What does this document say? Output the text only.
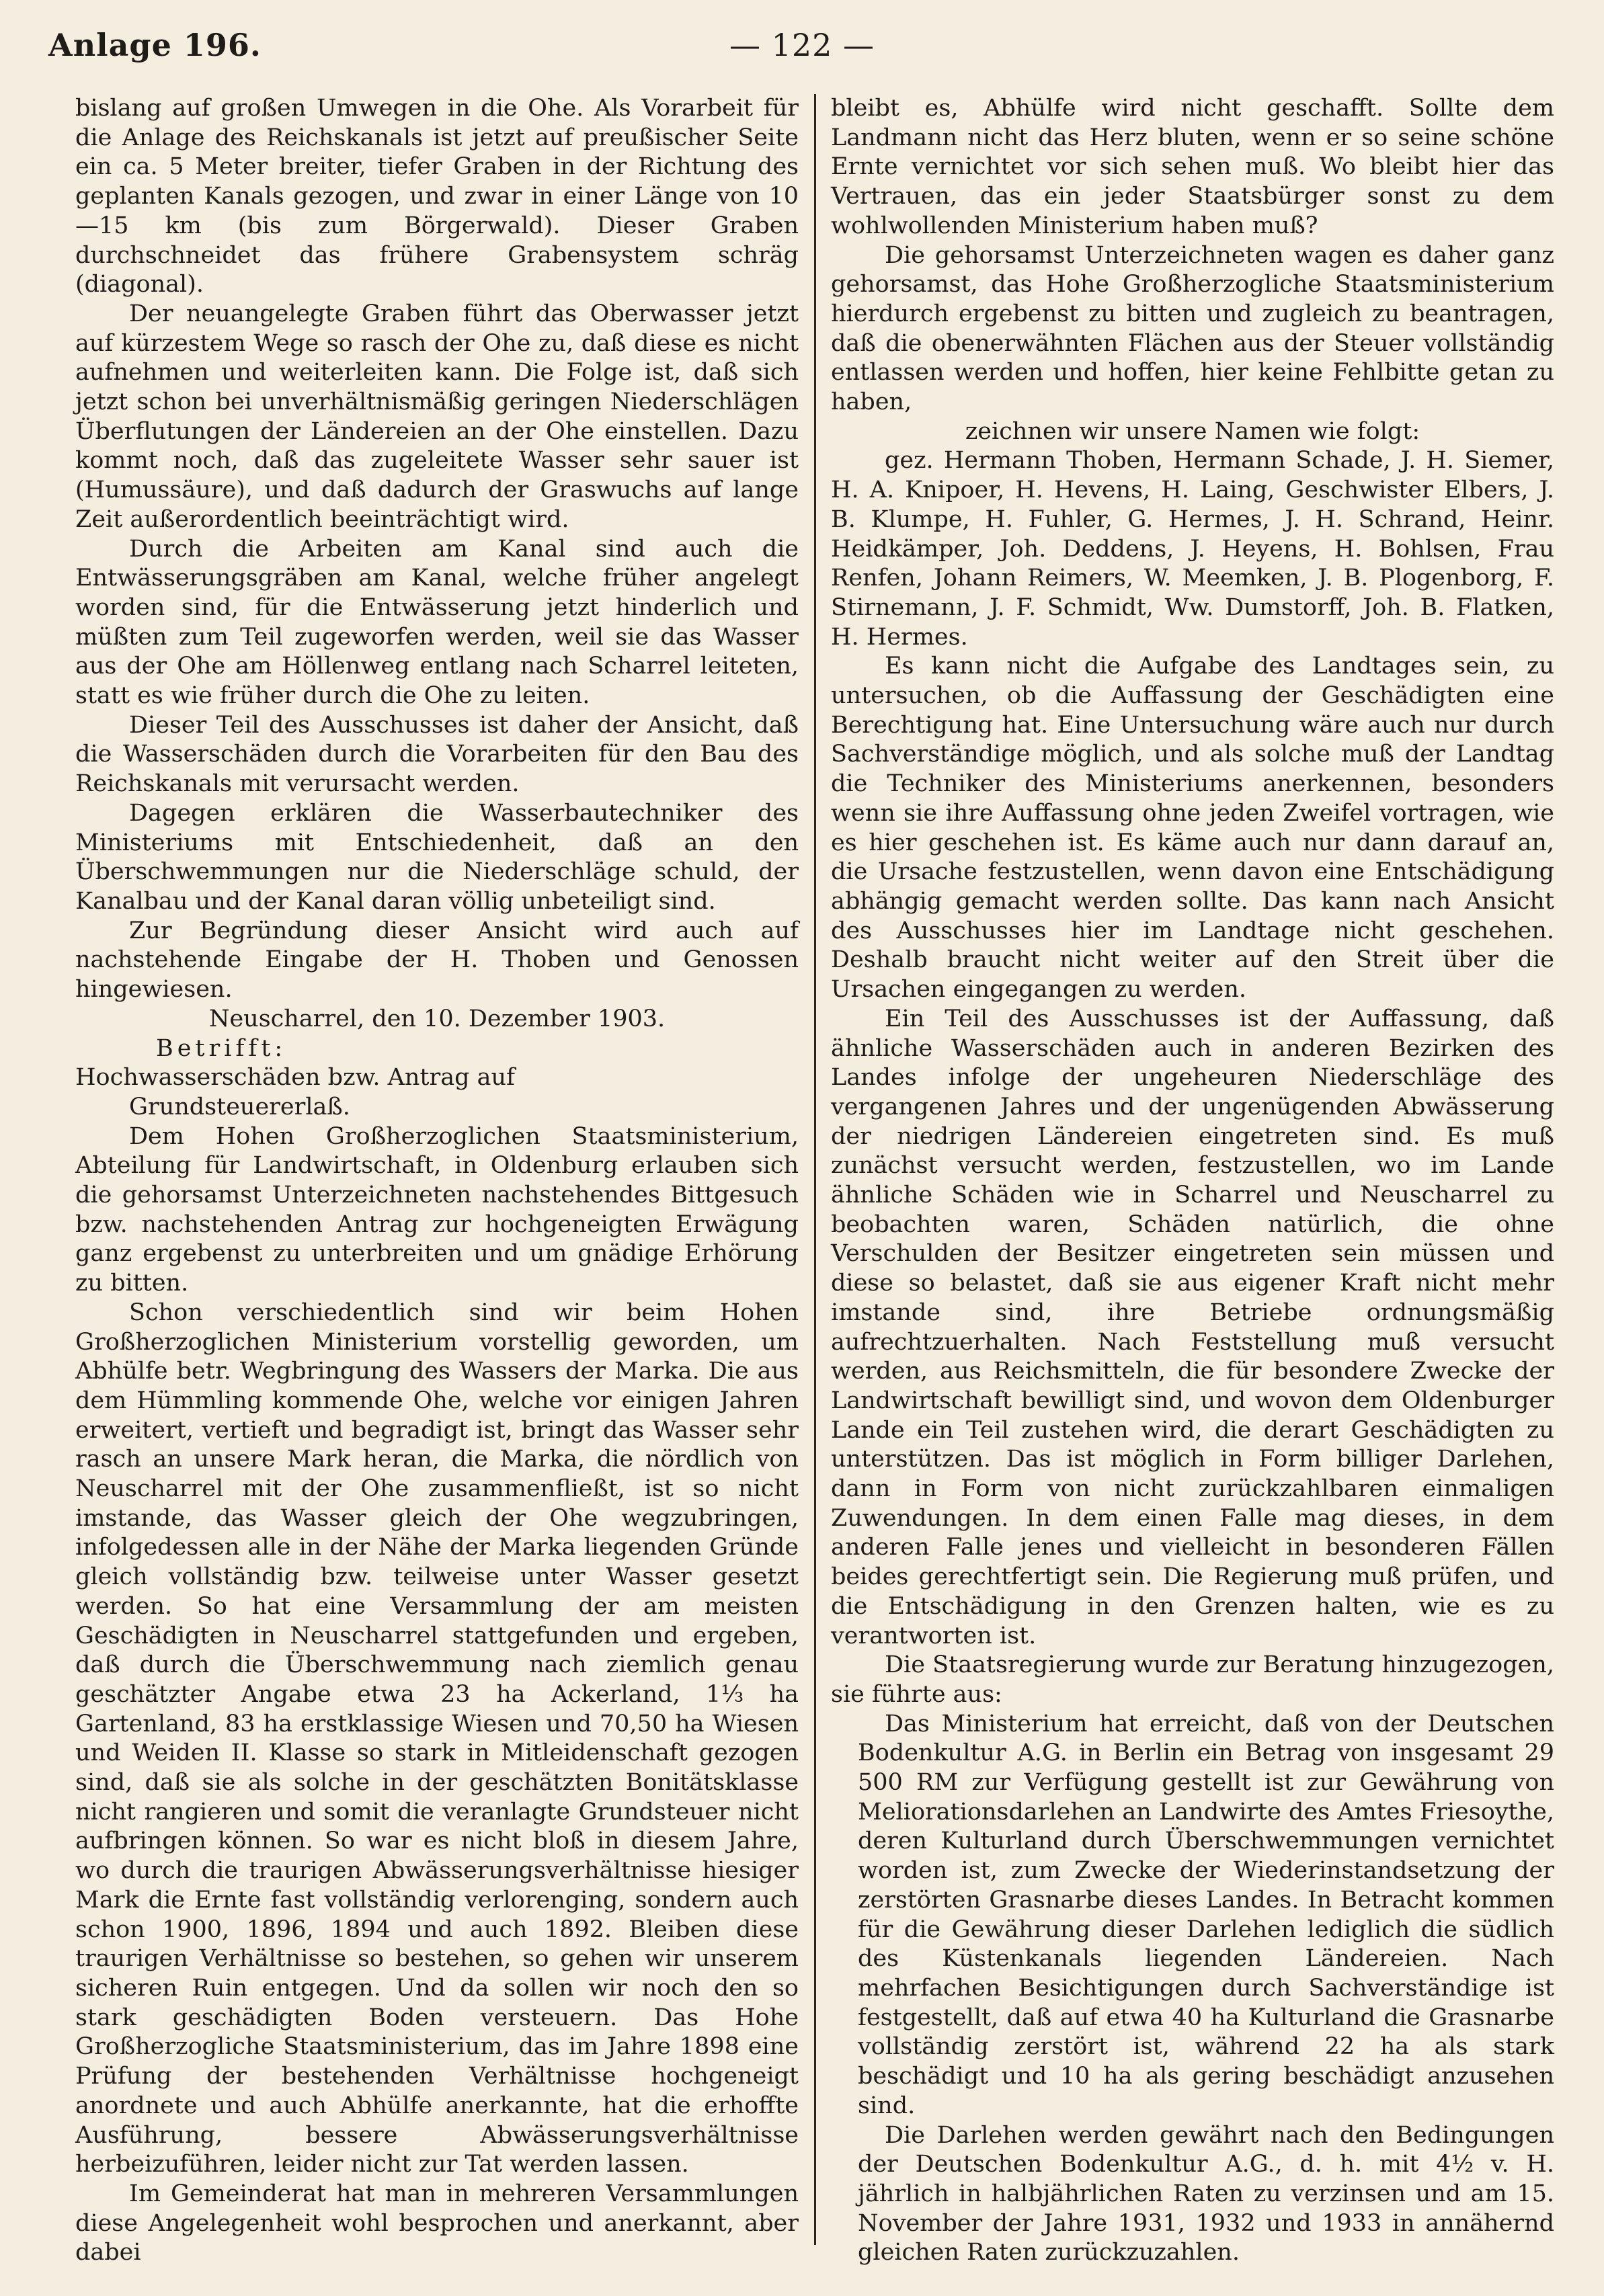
Anlage 196.	— 122 —

bislang auf großen Umwegen in die Ohe. Als Vorarbeit für die Anlage des Reichskanals ist jetzt auf preußischer Seite ein ca. 5 Meter breiter, tiefer Graben in der Richtung des geplanten Kanals gezogen, und zwar in einer Länge von 10—15 km (bis zum Börgerwald). Dieser Graben durchschneidet das frühere Grabensystem schräg (diagonal).

Der neuangelegte Graben führt das Oberwasser jetzt auf kürzestem Wege so rasch der Ohe zu, daß diese es nicht aufnehmen und weiterleiten kann. Die Folge ist, daß sich jetzt schon bei unverhältnismäßig geringen Niederschlägen Überflutungen der Ländereien an der Ohe einstellen. Dazu kommt noch, daß das zugeleitete Wasser sehr sauer ist (Humussäure), und daß dadurch der Graswuchs auf lange Zeit außerordentlich beeinträchtigt wird.

Durch die Arbeiten am Kanal sind auch die Entwässerungsgräben am Kanal, welche früher angelegt worden sind, für die Entwässerung jetzt hinderlich und müßten zum Teil zugeworfen werden, weil sie das Wasser aus der Ohe am Höllenweg entlang nach Scharrel leiteten, statt es wie früher durch die Ohe zu leiten.

Dieser Teil des Ausschusses ist daher der Ansicht, daß die Wasserschäden durch die Vorarbeiten für den Bau des Reichskanals mit verursacht werden.

Dagegen erklären die Wasserbautechniker des Ministeriums mit Entschiedenheit, daß an den Überschwemmungen nur die Niederschläge schuld, der Kanalbau und der Kanal daran völlig unbeteiligt sind.

Zur Begründung dieser Ansicht wird auch auf nachstehende Eingabe der H. Thoben und Genossen hingewiesen.

Neuscharrel, den 10. Dezember 1903.

Betrifft:

Hochwasserschäden bzw. Antrag auf Grundsteuererlaß.

Dem Hohen Großherzoglichen Staatsministerium, Abteilung für Landwirtschaft, in Oldenburg erlauben sich die gehorsamst Unterzeichneten nachstehendes Bittgesuch bzw. nachstehenden Antrag zur hochgeneigten Erwägung ganz ergebenst zu unterbreiten und um gnädige Erhörung zu bitten.

Schon verschiedentlich sind wir beim Hohen Großherzoglichen Ministerium vorstellig geworden, um Abhülfe betr. Wegbringung des Wassers der Marka. Die aus dem Hümmling kommende Ohe, welche vor einigen Jahren erweitert, vertieft und begradigt ist, bringt das Wasser sehr rasch an unsere Mark heran, die Marka, die nördlich von Neuscharrel mit der Ohe zusammenfließt, ist so nicht imstande, das Wasser gleich der Ohe wegzubringen, infolgedessen alle in der Nähe der Marka liegenden Gründe gleich vollständig bzw. teilweise unter Wasser gesetzt werden. So hat eine Versammlung der am meisten Geschädigten in Neuscharrel stattgefunden und ergeben, daß durch die Überschwemmung nach ziemlich genau geschätzter Angabe etwa 23 ha Ackerland, 1⅓ ha Gartenland, 83 ha erstklassige Wiesen und 70,50 ha Wiesen und Weiden II. Klasse so stark in Mitleidenschaft gezogen sind, daß sie als solche in der geschätzten Bonitätsklasse nicht rangieren und somit die veranlagte Grundsteuer nicht aufbringen können. So war es nicht bloß in diesem Jahre, wo durch die traurigen Abwässerungsverhältnisse hiesiger Mark die Ernte fast vollständig verlorenging, sondern auch schon 1900, 1896, 1894 und auch 1892. Bleiben diese traurigen Verhältnisse so bestehen, so gehen wir unserem sicheren Ruin entgegen. Und da sollen wir noch den so stark geschädigten Boden versteuern. Das Hohe Großherzogliche Staatsministerium, das im Jahre 1898 eine Prüfung der bestehenden Verhältnisse hochgeneigt anordnete und auch Abhülfe anerkannte, hat die erhoffte Ausführung, bessere Abwässerungsverhältnisse herbeizuführen, leider nicht zur Tat werden lassen.

Im Gemeinderat hat man in mehreren Versammlungen diese Angelegenheit wohl besprochen und anerkannt, aber dabei

bleibt es, Abhülfe wird nicht geschafft. Sollte dem Landmann nicht das Herz bluten, wenn er so seine schöne Ernte vernichtet vor sich sehen muß. Wo bleibt hier das Vertrauen, das ein jeder Staatsbürger sonst zu dem wohlwollenden Ministerium haben muß?

Die gehorsamst Unterzeichneten wagen es daher ganz gehorsamst, das Hohe Großherzogliche Staatsministerium hierdurch ergebenst zu bitten und zugleich zu beantragen, daß die obenerwähnten Flächen aus der Steuer vollständig entlassen werden und hoffen, hier keine Fehlbitte getan zu haben,

zeichnen wir unsere Namen wie folgt:

gez. Hermann Thoben, Hermann Schade, J. H. Siemer, H. A. Knipoer, H. Hevens, H. Laing, Geschwister Elbers, J. B. Klumpe, H. Fuhler, G. Hermes, J. H. Schrand, Heinr. Heidkämper, Joh. Deddens, J. Heyens, H. Bohlsen, Frau Renfen, Johann Reimers, W. Meemken, J. B. Plogenborg, F. Stirnemann, J. F. Schmidt, Ww. Dumstorff, Joh. B. Flatken, H. Hermes.

Es kann nicht die Aufgabe des Landtages sein, zu untersuchen, ob die Auffassung der Geschädigten eine Berechtigung hat. Eine Untersuchung wäre auch nur durch Sachverständige möglich, und als solche muß der Landtag die Techniker des Ministeriums anerkennen, besonders wenn sie ihre Auffassung ohne jeden Zweifel vortragen, wie es hier geschehen ist. Es käme auch nur dann darauf an, die Ursache festzustellen, wenn davon eine Entschädigung abhängig gemacht werden sollte. Das kann nach Ansicht des Ausschusses hier im Landtage nicht geschehen. Deshalb braucht nicht weiter auf den Streit über die Ursachen eingegangen zu werden.

Ein Teil des Ausschusses ist der Auffassung, daß ähnliche Wasserschäden auch in anderen Bezirken des Landes infolge der ungeheuren Niederschläge des vergangenen Jahres und der ungenügenden Abwässerung der niedrigen Ländereien eingetreten sind. Es muß zunächst versucht werden, festzustellen, wo im Lande ähnliche Schäden wie in Scharrel und Neuscharrel zu beobachten waren, Schäden natürlich, die ohne Verschulden der Besitzer eingetreten sein müssen und diese so belastet, daß sie aus eigener Kraft nicht mehr imstande sind, ihre Betriebe ordnungsmäßig aufrechtzuerhalten. Nach Feststellung muß versucht werden, aus Reichsmitteln, die für besondere Zwecke der Landwirtschaft bewilligt sind, und wovon dem Oldenburger Lande ein Teil zustehen wird, die derart Geschädigten zu unterstützen. Das ist möglich in Form billiger Darlehen, dann in Form von nicht zurückzahlbaren einmaligen Zuwendungen. In dem einen Falle mag dieses, in dem anderen Falle jenes und vielleicht in besonderen Fällen beides gerechtfertigt sein. Die Regierung muß prüfen, und die Entschädigung in den Grenzen halten, wie es zu verantworten ist.

Die Staatsregierung wurde zur Beratung hinzugezogen, sie führte aus:

Das Ministerium hat erreicht, daß von der Deutschen Bodenkultur A.G. in Berlin ein Betrag von insgesamt 29 500 RM zur Verfügung gestellt ist zur Gewährung von Meliorationsdarlehen an Landwirte des Amtes Friesoythe, deren Kulturland durch Überschwemmungen vernichtet worden ist, zum Zwecke der Wiederinstandsetzung der zerstörten Grasnarbe dieses Landes. In Betracht kommen für die Gewährung dieser Darlehen lediglich die südlich des Küstenkanals liegenden Ländereien. Nach mehrfachen Besichtigungen durch Sachverständige ist festgestellt, daß auf etwa 40 ha Kulturland die Grasnarbe vollständig zerstört ist, während 22 ha als stark beschädigt und 10 ha als gering beschädigt anzusehen sind.

Die Darlehen werden gewährt nach den Bedingungen der Deutschen Bodenkultur A.G., d. h. mit 4½ v. H. jährlich in halbjährlichen Raten zu verzinsen und am 15. November der Jahre 1931, 1932 und 1933 in annähernd gleichen Raten zurückzuzahlen.
